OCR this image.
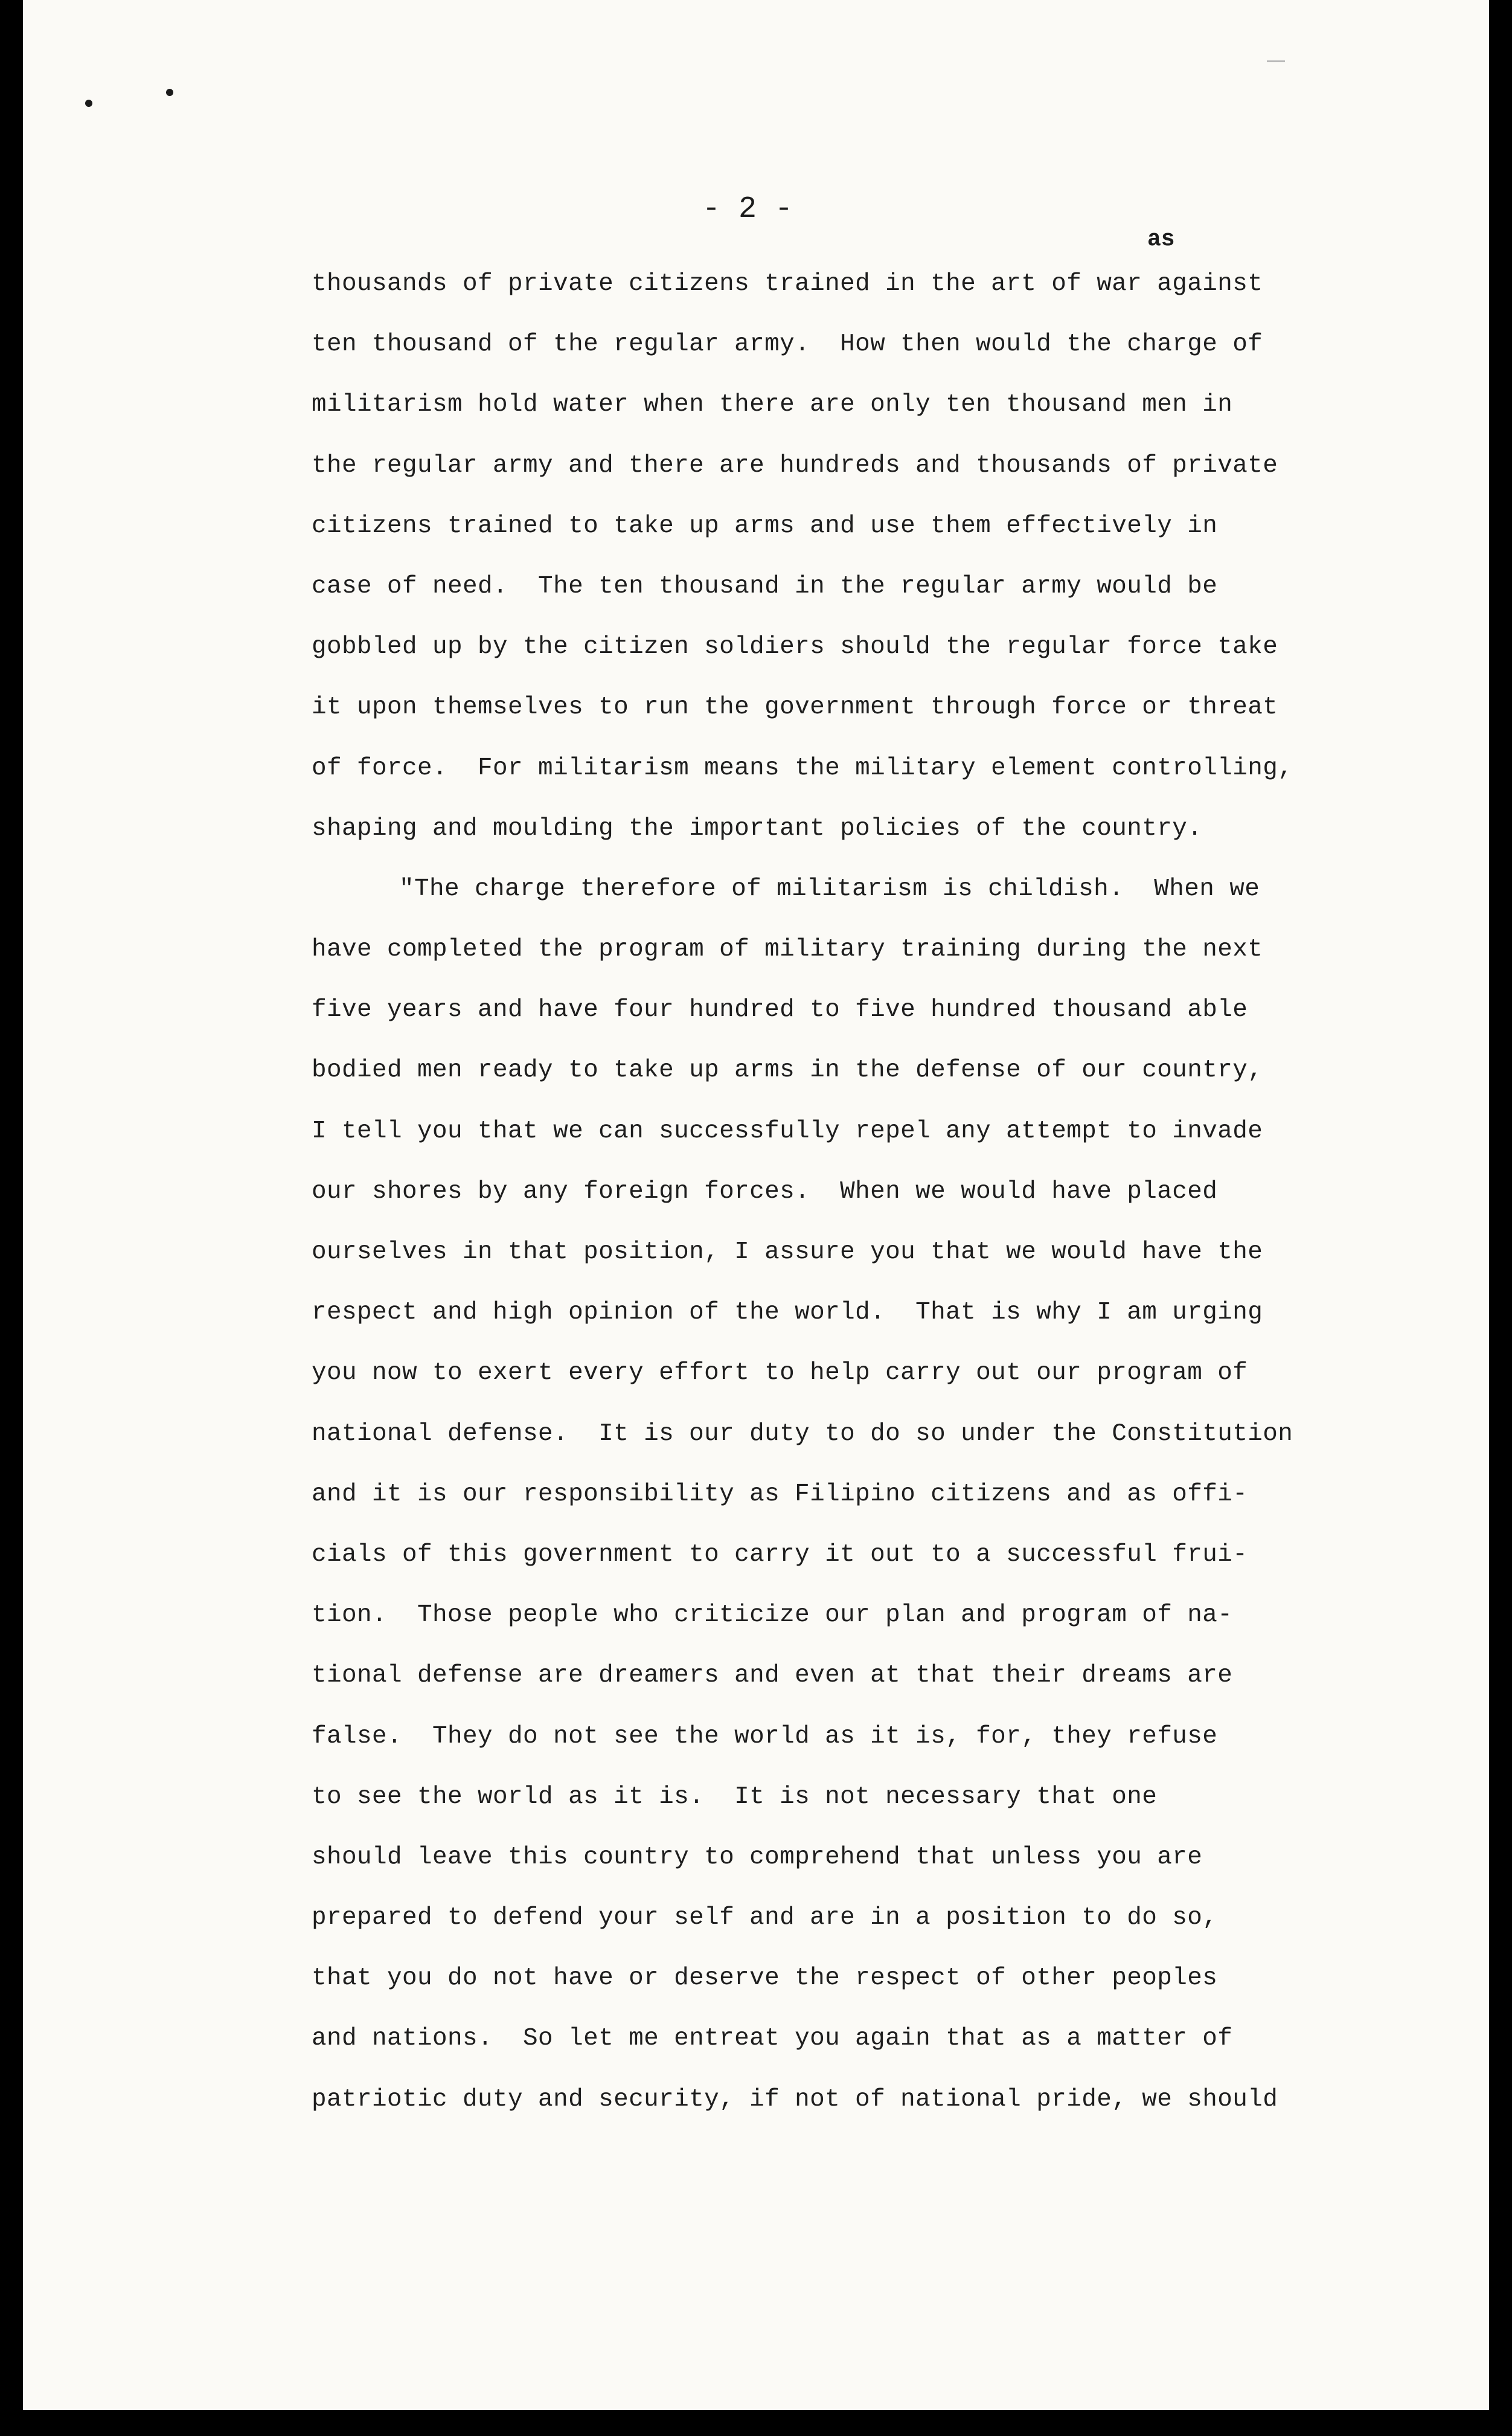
- 2 -
as
thousands of private citizens trained in the art of war against
ten thousand of the regular army.  How then would the charge of
militarism hold water when there are only ten thousand men in
the regular army and there are hundreds and thousands of private
citizens trained to take up arms and use them effectively in
case of need.  The ten thousand in the regular army would be
gobbled up by the citizen soldiers should the regular force take
it upon themselves to run the government through force or threat
of force.  For militarism means the military element controlling,
shaping and moulding the important policies of the country.
"The charge therefore of militarism is childish.  When we
have completed the program of military training during the next
five years and have four hundred to five hundred thousand able
bodied men ready to take up arms in the defense of our country,
I tell you that we can successfully repel any attempt to invade
our shores by any foreign forces.  When we would have placed
ourselves in that position, I assure you that we would have the
respect and high opinion of the world.  That is why I am urging
you now to exert every effort to help carry out our program of
national defense.  It is our duty to do so under the Constitution
and it is our responsibility as Filipino citizens and as offi-
cials of this government to carry it out to a successful frui-
tion.  Those people who criticize our plan and program of na-
tional defense are dreamers and even at that their dreams are
false.  They do not see the world as it is, for, they refuse
to see the world as it is.  It is not necessary that one
should leave this country to comprehend that unless you are
prepared to defend your self and are in a position to do so,
that you do not have or deserve the respect of other peoples
and nations.  So let me entreat you again that as a matter of
patriotic duty and security, if not of national pride, we should
